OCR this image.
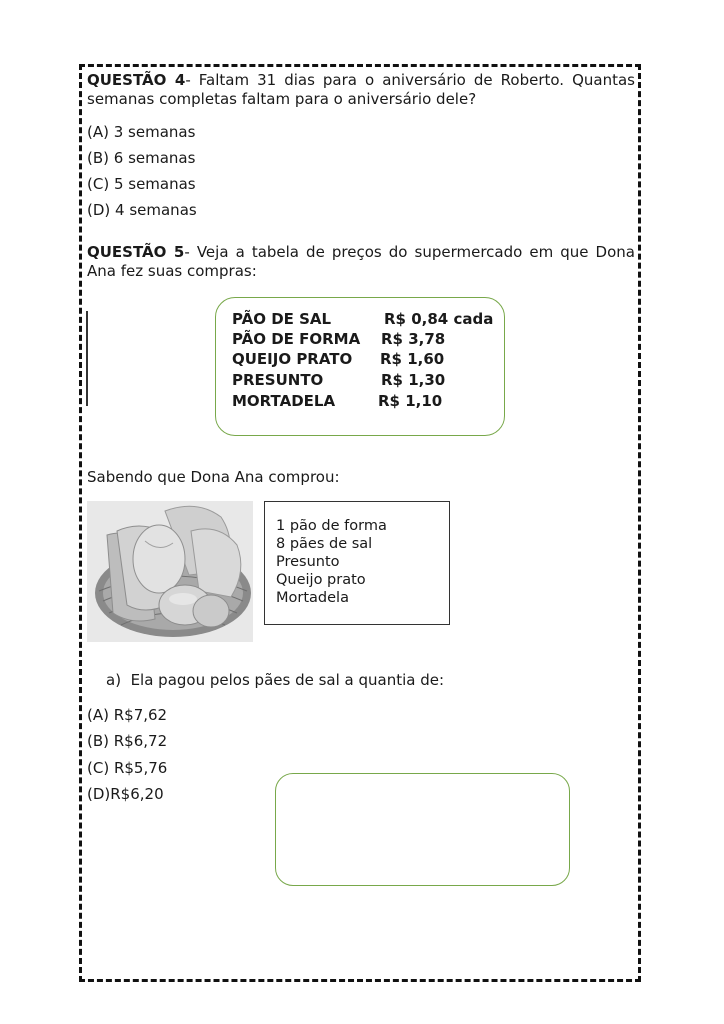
QUESTÃO 4- Faltam 31 dias para o aniversário de Roberto. Quantas semanas completas faltam para o aniversário dele?
(A) 3 semanas
(B) 6 semanas
(C) 5 semanas
(D) 4 semanas
QUESTÃO 5- Veja a tabela de preços do supermercado em que Dona Ana fez suas compras:
PÃO DE SAL	R$ 0,84 cada
PÃO DE FORMA R$ 3,78
QUEIJO PRATO R$ 1,60
PRESUNTO	R$ 1,30
MORTADELA	R$ 1,10
Sabendo que Dona Ana comprou:
1 pão de forma
8 pães de sal
Presunto
Queijo prato
Mortadela
a)  Ela pagou pelos pães de sal a quantia de:
(A) R$7,62
(B) R$6,72
(C) R$5,76
(D)R$6,20
